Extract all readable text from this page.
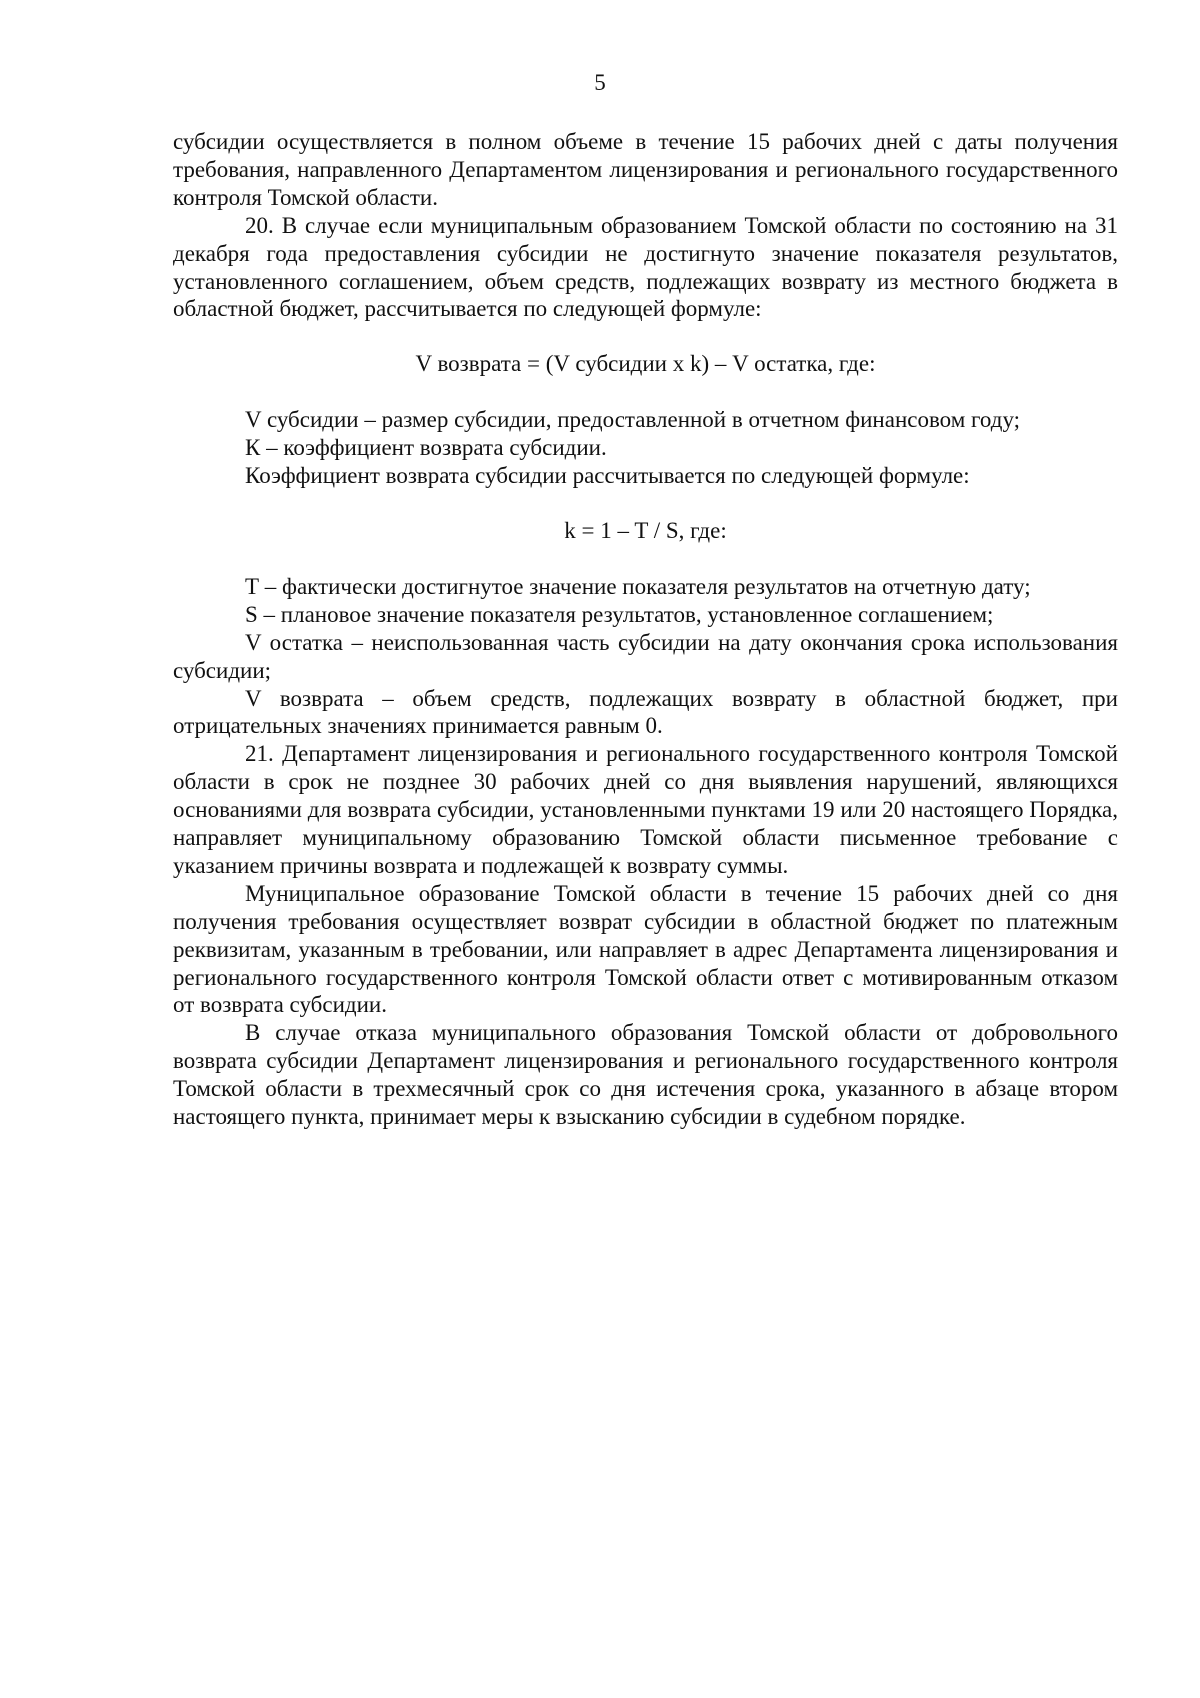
5

субсидии осуществляется в полном объеме в течение 15 рабочих дней с даты получения требования, направленного Департаментом лицензирования и регионального государственного контроля Томской области.

20. В случае если муниципальным образованием Томской области по состоянию на 31 декабря года предоставления субсидии не достигнуто значение показателя результатов, установленного соглашением, объем средств, подлежащих возврату из местного бюджета в областной бюджет, рассчитывается по следующей формуле:

V возврата = (V субсидии x k) – V остатка, где:

V субсидии – размер субсидии, предоставленной в отчетном финансовом году;

К – коэффициент возврата субсидии.

Коэффициент возврата субсидии рассчитывается по следующей формуле:

k = 1 – T / S, где:

Т – фактически достигнутое значение показателя результатов на отчетную дату;

S – плановое значение показателя результатов, установленное соглашением;

V остатка – неиспользованная часть субсидии на дату окончания срока использования субсидии;

V возврата – объем средств, подлежащих возврату в областной бюджет, при отрицательных значениях принимается равным 0.

21. Департамент лицензирования и регионального государственного контроля Томской области в срок не позднее 30 рабочих дней со дня выявления нарушений, являющихся основаниями для возврата субсидии, установленными пунктами 19 или 20 настоящего Порядка, направляет муниципальному образованию Томской области письменное требование с указанием причины возврата и подлежащей к возврату суммы.

Муниципальное образование Томской области в течение 15 рабочих дней со дня получения требования осуществляет возврат субсидии в областной бюджет по платежным реквизитам, указанным в требовании, или направляет в адрес Департамента лицензирования и регионального государственного контроля Томской области ответ с мотивированным отказом от возврата субсидии.

В случае отказа муниципального образования Томской области от добровольного возврата субсидии Департамент лицензирования и регионального государственного контроля Томской области в трехмесячный срок со дня истечения срока, указанного в абзаце втором настоящего пункта, принимает меры к взысканию субсидии в судебном порядке.
